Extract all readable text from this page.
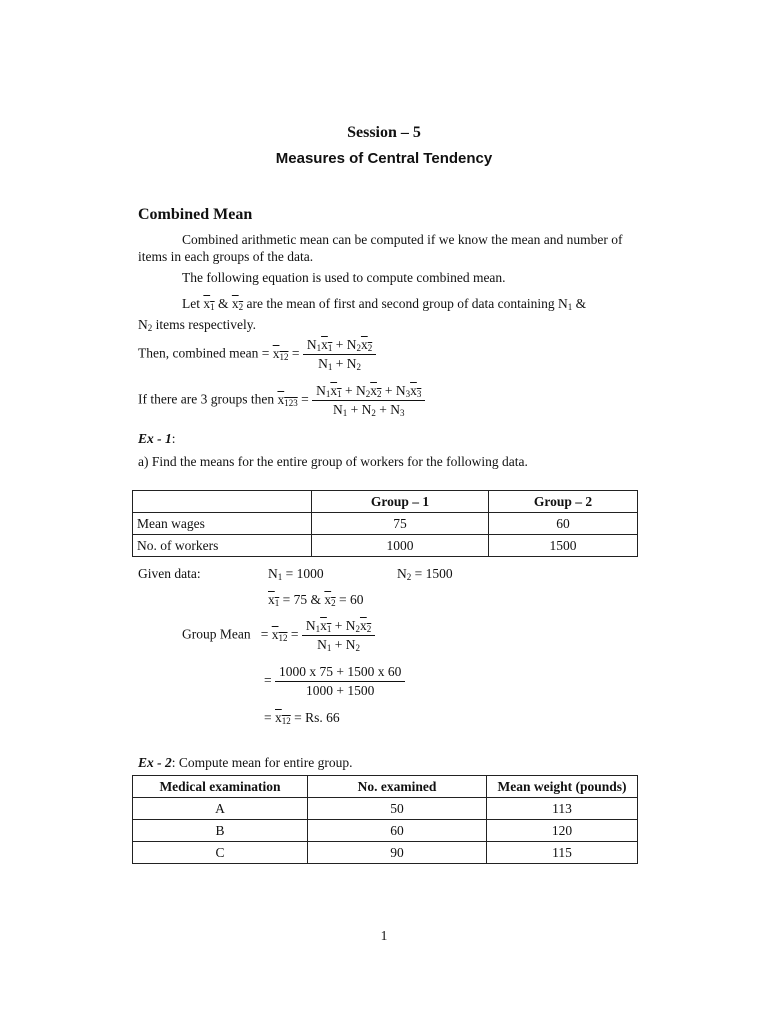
Session – 5
Measures of Central Tendency
Combined Mean
Combined arithmetic mean can be computed if we know the mean and number of items in each groups of the data.
The following equation is used to compute combined mean.
Let $x_1$ & $x_2$ are the mean of first and second group of data containing $N_1$ &
$N_2$ items respectively.
Then, combined mean = $x_{12} = \frac{N_1x_1 + N_2x_2}{N_1 + N_2}$
If there are 3 groups then $x_{123} = \frac{N_1x_1 + N_2x_2 + N_3x_3}{N_1 + N_2 + N_3}$
Ex - 1:
a) Find the means for the entire group of workers for the following data.
	Group – 1	Group – 2
Mean wages	75	60
No. of workers	1000	1500
Given data:	$N_1 = 1000$	$N_2 = 1500$
$x_1 = 75$ & $x_2 = 60$
Group Mean   = $x_{12} = \frac{N_1x_1 + N_2x_2}{N_1 + N_2}$
= $\frac{1000 x 75 + 1500 x 60}{1000 + 1500}$
= $x_{12} = Rs$. 66
Ex - 2: Compute mean for entire group.
Medical examination	No. examined	Mean weight (pounds)
A	50	113
B	60	120
C	90	115
1
